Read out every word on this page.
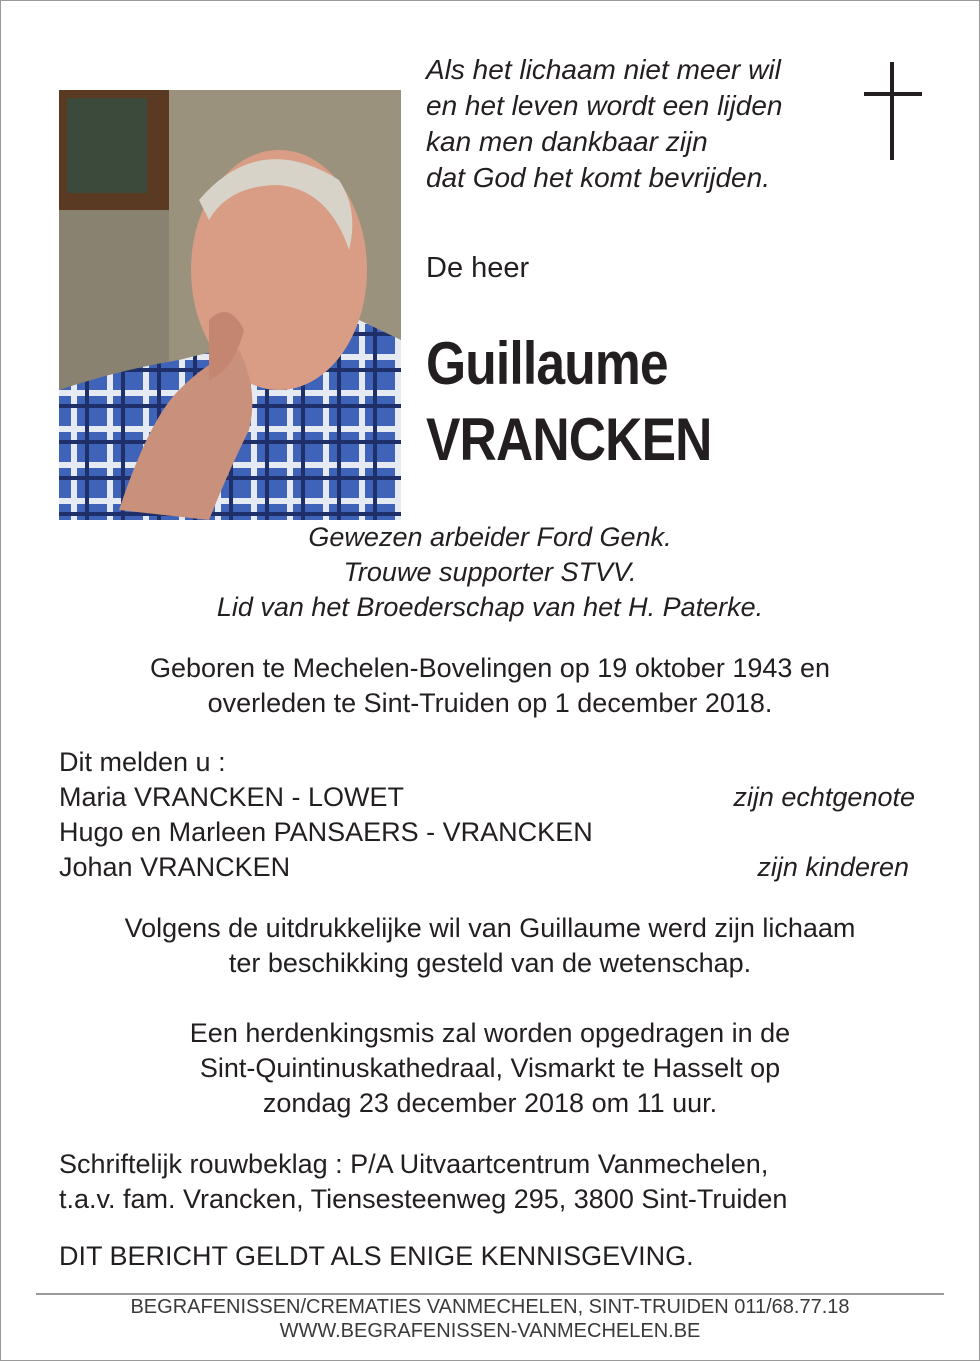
Als het lichaam niet meer wil
en het leven wordt een lijden
kan men dankbaar zijn
dat God het komt bevrijden.
De heer
Guillaume
VRANCKEN
Gewezen arbeider Ford Genk.
Trouwe supporter STVV.
Lid van het Broederschap van het H. Paterke.
Geboren te Mechelen-Bovelingen op 19 oktober 1943 en
overleden te Sint-Truiden op 1 december 2018.
Dit melden u :
Maria VRANCKEN - LOWET	zijn echtgenote
Hugo en Marleen PANSAERS - VRANCKEN
Johan VRANCKEN	zijn kinderen
Volgens de uitdrukkelijke wil van Guillaume werd zijn lichaam
ter beschikking gesteld van de wetenschap.
Een herdenkingsmis zal worden opgedragen in de
Sint-Quintinuskathedraal, Vismarkt te Hasselt op
zondag 23 december 2018 om 11 uur.
Schriftelijk rouwbeklag : P/A Uitvaartcentrum Vanmechelen,
t.a.v. fam. Vrancken, Tiensesteenweg 295, 3800 Sint-Truiden
DIT BERICHT GELDT ALS ENIGE KENNISGEVING.
BEGRAFENISSEN/CREMATIES VANMECHELEN, SINT-TRUIDEN 011/68.77.18
WWW.BEGRAFENISSEN-VANMECHELEN.BE
